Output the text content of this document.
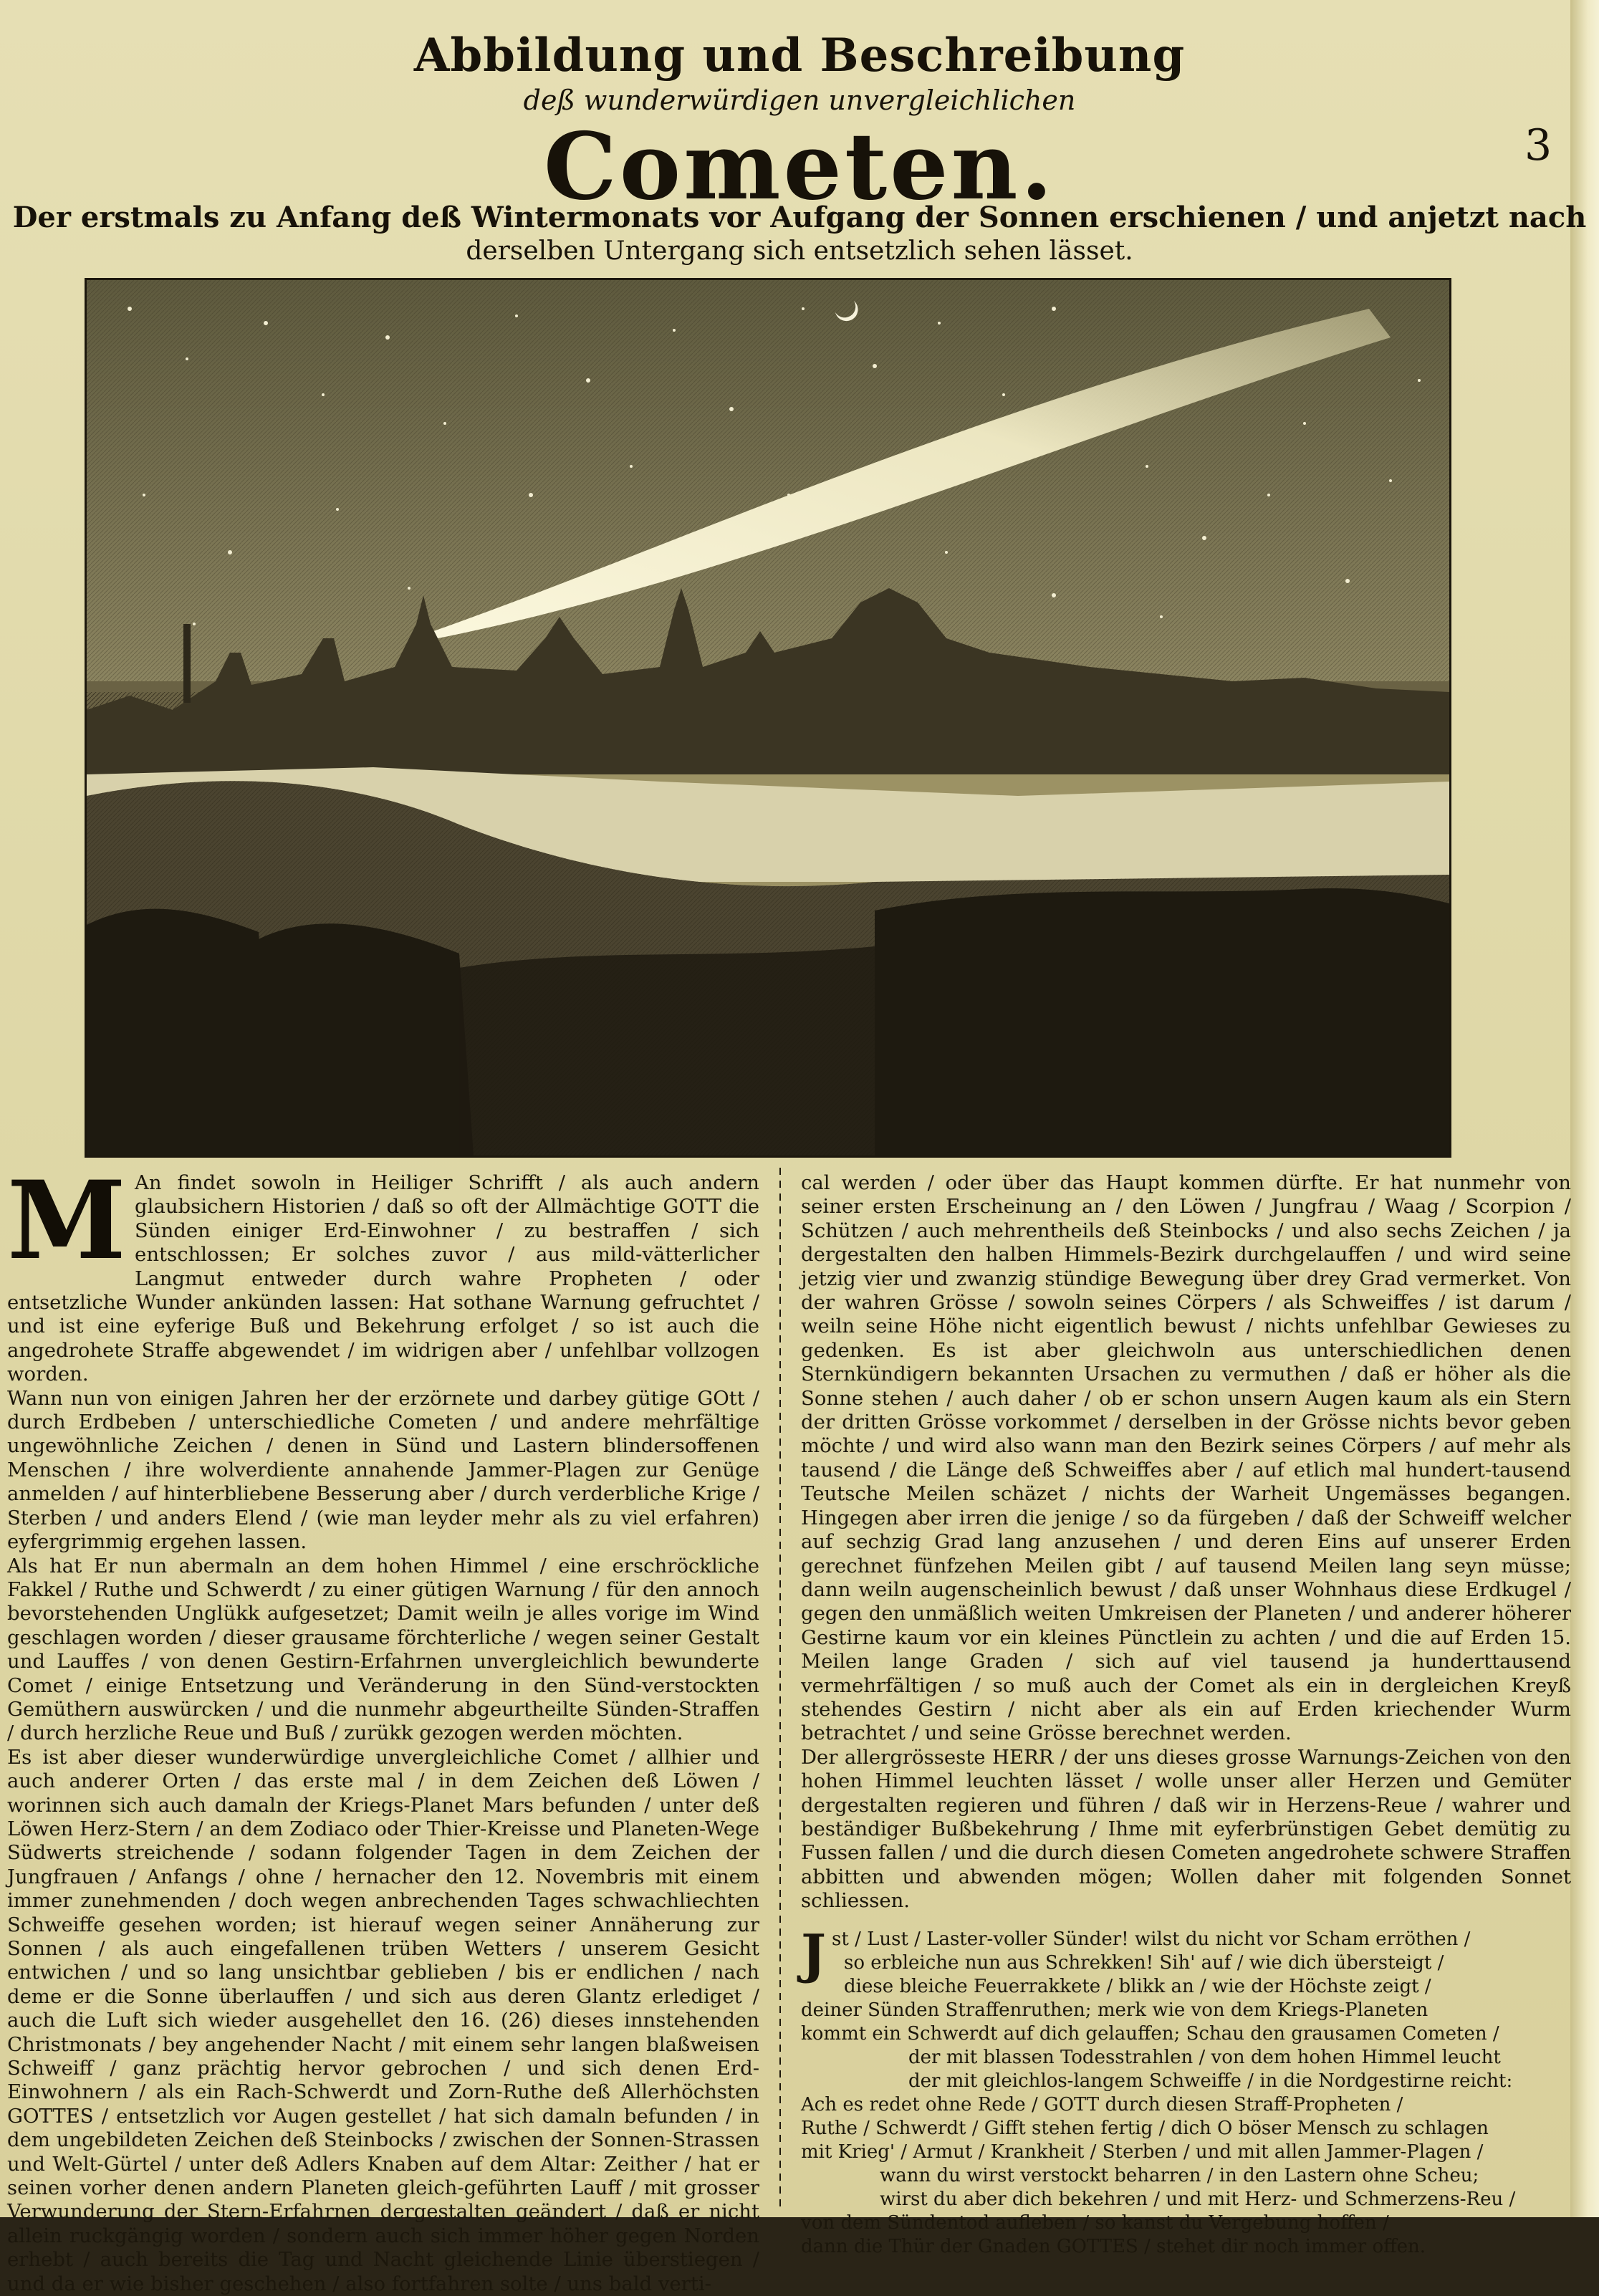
Abbildung und Beschreibung
deß wunderwürdigen unvergleichlichen
Cometen.
Der erstmals zu Anfang deß Wintermonats vor Aufgang der Sonnen erschienen / und anjetzt nach
derselben Untergang sich entsetzlich sehen lässet.
3
M An findet sowoln in Heiliger Schrifft / als auch andern glaubsichern Historien / daß so oft der Allmächtige GOTT die Sünden einiger Erd-Einwohner / zu bestraffen / sich entschlossen; Er solches zuvor / aus mild-vätterlicher Langmut entweder durch wahre Propheten / oder entsetzliche Wunder ankünden lassen: Hat sothane Warnung gefruchtet / und ist eine eyferige Buß und Bekehrung erfolget / so ist auch die angedrohete Straffe abgewendet / im widrigen aber / unfehlbar vollzogen worden.

Wann nun von einigen Jahren her der erzörnete und darbey gütige GOtt / durch Erdbeben / unterschiedliche Cometen / und andere mehrfältige ungewöhnliche Zeichen / denen in Sünd und Lastern blindersoffenen Menschen / ihre wolverdiente annahende Jammer-Plagen zur Genüge anmelden / auf hinterbliebene Besserung aber / durch verderbliche Krige / Sterben / und anders Elend / (wie man leyder mehr als zu viel erfahren) eyfergrimmig ergehen lassen.

Als hat Er nun abermaln an dem hohen Himmel / eine erschröckliche Fakkel / Ruthe und Schwerdt / zu einer gütigen Warnung / für den annoch bevorstehenden Unglükk aufgesetzet; Damit weiln je alles vorige im Wind geschlagen worden / dieser grausame förchterliche / wegen seiner Gestalt und Lauffes / von denen Gestirn-Erfahrnen unvergleichlich bewunderte Comet / einige Entsetzung und Veränderung in den Sünd-verstockten Gemüthern auswürcken / und die nunmehr abgeurtheilte Sünden-Straffen / durch herzliche Reue und Buß / zurükk gezogen werden möchten.

Es ist aber dieser wunderwürdige unvergleichliche Comet / allhier und auch anderer Orten / das erste mal / in dem Zeichen deß Löwen / worinnen sich auch damaln der Kriegs-Planet Mars befunden / unter deß Löwen Herz-Stern / an dem Zodiaco oder Thier-Kreisse und Planeten-Wege Südwerts streichende / sodann folgender Tagen in dem Zeichen der Jungfrauen / Anfangs / ohne / hernacher den 12. Novembris mit einem immer zunehmenden / doch wegen anbrechenden Tages schwachliechten Schweiffe gesehen worden; ist hierauf wegen seiner Annäherung zur Sonnen / als auch eingefallenen trüben Wetters / unserem Gesicht entwichen / und so lang unsichtbar geblieben / bis er endlichen / nach deme er die Sonne überlauffen / und sich aus deren Glantz erlediget / auch die Luft sich wieder ausgehellet den 16. (26) dieses innstehenden Christmonats / bey angehender Nacht / mit einem sehr langen blaßweisen Schweiff / ganz prächtig hervor gebrochen / und sich denen Erd-Einwohnern / als ein Rach-Schwerdt und Zorn-Ruthe deß Allerhöchsten GOTTES / entsetzlich vor Augen gestellet / hat sich damaln befunden / in dem ungebildeten Zeichen deß Steinbocks / zwischen der Sonnen-Strassen und Welt-Gürtel / unter deß Adlers Knaben auf dem Altar: Zeither / hat er seinen vorher denen andern Planeten gleich-geführten Lauff / mit grosser Verwunderung der Stern-Erfahrnen dergestalten geändert / daß er nicht allein ruckgängig worden / sondern auch sich immer höher gegen Norden erhebt / auch bereits die Tag und Nacht gleichende Linie überstiegen / und da er wie bisher geschehen / also fortfahren solte / uns bald verti-

cal werden / oder über das Haupt kommen dürfte. Er hat nunmehr von seiner ersten Erscheinung an / den Löwen / Jungfrau / Waag / Scorpion / Schützen / auch mehrentheils deß Steinbocks / und also sechs Zeichen / ja dergestalten den halben Himmels-Bezirk durchgelauffen / und wird seine jetzig vier und zwanzig stündige Bewegung über drey Grad vermerket. Von der wahren Grösse / sowoln seines Cörpers / als Schweiffes / ist darum / weiln seine Höhe nicht eigentlich bewust / nichts unfehlbar Gewieses zu gedenken. Es ist aber gleichwoln aus unterschiedlichen denen Sternkündigern bekannten Ursachen zu vermuthen / daß er höher als die Sonne stehen / auch daher / ob er schon unsern Augen kaum als ein Stern der dritten Grösse vorkommet / derselben in der Grösse nichts bevor geben möchte / und wird also wann man den Bezirk seines Cörpers / auf mehr als tausend / die Länge deß Schweiffes aber / auf etlich mal hundert-tausend Teutsche Meilen schäzet / nichts der Warheit Ungemässes begangen. Hingegen aber irren die jenige / so da fürgeben / daß der Schweiff welcher auf sechzig Grad lang anzusehen / und deren Eins auf unserer Erden gerechnet fünfzehen Meilen gibt / auf tausend Meilen lang seyn müsse; dann weiln augenscheinlich bewust / daß unser Wohnhaus diese Erdkugel / gegen den unmäßlich weiten Umkreisen der Planeten / und anderer höherer Gestirne kaum vor ein kleines Pünctlein zu achten / und die auf Erden 15. Meilen lange Graden / sich auf viel tausend ja hunderttausend vermehrfältigen / so muß auch der Comet als ein in dergleichen Kreyß stehendes Gestirn / nicht aber als ein auf Erden kriechender Wurm betrachtet / und seine Grösse berechnet werden.

Der allergrösseste HERR / der uns dieses grosse Warnungs-Zeichen von den hohen Himmel leuchten lässet / wolle unser aller Herzen und Gemüter dergestalten regieren und führen / daß wir in Herzens-Reue / wahrer und beständiger Bußbekehrung / Ihme mit eyferbrünstigen Gebet demütig zu Fussen fallen / und die durch diesen Cometen angedrohete schwere Straffen abbitten und abwenden mögen; Wollen daher mit folgenden Sonnet schliessen.

J st / Lust / Laster-voller Sünder! wilst du nicht vor Scham erröthen /
so erbleiche nun aus Schrekken! Sih' auf / wie dich übersteigt /
diese bleiche Feuerrakkete / blikk an / wie der Höchste zeigt /
deiner Sünden Straffenruthen; merk wie von dem Kriegs-Planeten
kommt ein Schwerdt auf dich gelauffen; Schau den grausamen Cometen /
der mit blassen Todesstrahlen / von dem hohen Himmel leucht
der mit gleichlos-langem Schweiffe / in die Nordgestirne reicht:
Ach es redet ohne Rede / GOTT durch diesen Straff-Propheten /
Ruthe / Schwerdt / Gifft stehen fertig / dich O böser Mensch zu schlagen
mit Krieg' / Armut / Krankheit / Sterben / und mit allen Jammer-Plagen /
wann du wirst verstockt beharren / in den Lastern ohne Scheu;
wirst du aber dich bekehren / und mit Herz- und Schmerzens-Reu /
von dem Sündentod aufleben / so kanst du Vergebung hoffen /
dann die Thür der Gnaden GOTTES / stehet dir noch immer offen.
